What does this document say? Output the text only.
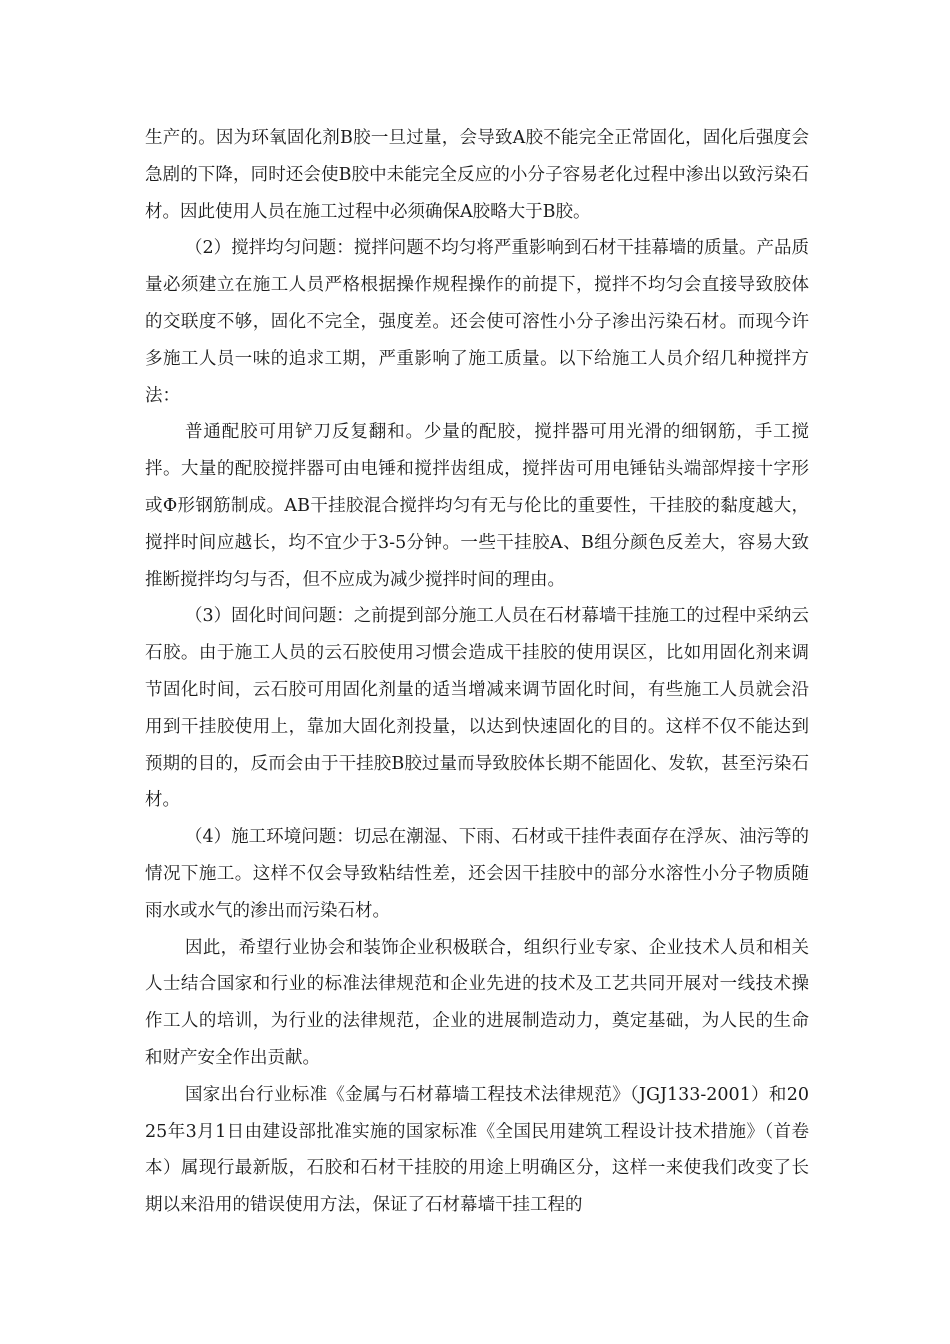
生产的。因为环氧固化剂B胶一旦过量，会导致A胶不能完全正常固化，固化后强度会急剧的下降，同时还会使B胶中未能完全反应的小分子容易老化过程中渗出以致污染石材。因此使用人员在施工过程中必须确保A胶略大于B胶。

（2）搅拌均匀问题：搅拌问题不均匀将严重影响到石材干挂幕墙的质量。产品质量必须建立在施工人员严格根据操作规程操作的前提下，搅拌不均匀会直接导致胶体的交联度不够，固化不完全，强度差。还会使可溶性小分子渗出污染石材。而现今许多施工人员一味的追求工期，严重影响了施工质量。以下给施工人员介绍几种搅拌方法：

普通配胶可用铲刀反复翻和。少量的配胶，搅拌器可用光滑的细钢筋，手工搅拌。大量的配胶搅拌器可由电锤和搅拌齿组成，搅拌齿可用电锤钻头端部焊接十字形或Φ形钢筋制成。AB干挂胶混合搅拌均匀有无与伦比的重要性，干挂胶的黏度越大，搅拌时间应越长，均不宜少于3-5分钟。一些干挂胶A、B组分颜色反差大，容易大致推断搅拌均匀与否，但不应成为减少搅拌时间的理由。

（3）固化时间问题：之前提到部分施工人员在石材幕墙干挂施工的过程中采纳云石胶。由于施工人员的云石胶使用习惯会造成干挂胶的使用误区，比如用固化剂来调节固化时间，云石胶可用固化剂量的适当增减来调节固化时间，有些施工人员就会沿用到干挂胶使用上，靠加大固化剂投量，以达到快速固化的目的。这样不仅不能达到预期的目的，反而会由于干挂胶B胶过量而导致胶体长期不能固化、发软，甚至污染石材。

（4）施工环境问题：切忌在潮湿、下雨、石材或干挂件表面存在浮灰、油污等的情况下施工。这样不仅会导致粘结性差，还会因干挂胶中的部分水溶性小分子物质随雨水或水气的渗出而污染石材。

因此，希望行业协会和装饰企业积极联合，组织行业专家、企业技术人员和相关人士结合国家和行业的标准法律规范和企业先进的技术及工艺共同开展对一线技术操作工人的培训，为行业的法律规范，企业的进展制造动力，奠定基础，为人民的生命和财产安全作出贡献。

国家出台行业标准《金属与石材幕墙工程技术法律规范》（JGJ133-2001）和2025年3月1日由建设部批准实施的国家标准《全国民用建筑工程设计技术措施》（首卷本）属现行最新版，石胶和石材干挂胶的用途上明确区分，这样一来使我们改变了长期以来沿用的错误使用方法，保证了石材幕墙干挂工程的
